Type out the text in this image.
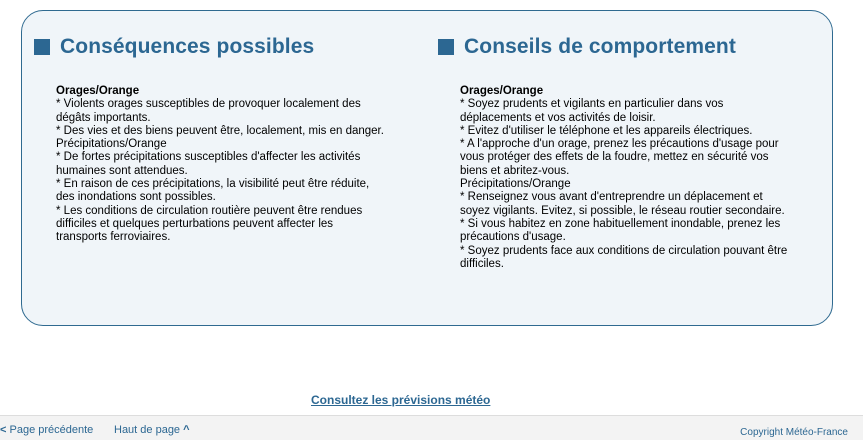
Conséquences possibles

Orages/Orange

* Violents orages susceptibles de provoquer localement des dégâts importants.

* Des vies et des biens peuvent être, localement, mis en danger.

Précipitations/Orange

* De fortes précipitations susceptibles d'affecter les activités humaines sont attendues.

* En raison de ces précipitations, la visibilité peut être réduite, des inondations sont possibles.

* Les conditions de circulation routière peuvent être rendues difficiles et quelques perturbations peuvent affecter les transports ferroviaires.

Conseils de comportement

Orages/Orange

* Soyez prudents et vigilants en particulier dans vos déplacements et vos activités de loisir.

* Evitez d'utiliser le téléphone et les appareils électriques.

* A l'approche d'un orage, prenez les précautions d'usage pour vous protéger des effets de la foudre, mettez en sécurité vos biens et abritez-vous.

Précipitations/Orange

* Renseignez vous avant d'entreprendre un déplacement et soyez vigilants. Evitez, si possible, le réseau routier secondaire.

* Si vous habitez en zone habituellement inondable, prenez les précautions d'usage.

* Soyez prudents face aux conditions de circulation pouvant être difficiles.

Consultez les prévisions météo
< Page précédente Haut de page ^	Copyright Météo-France
